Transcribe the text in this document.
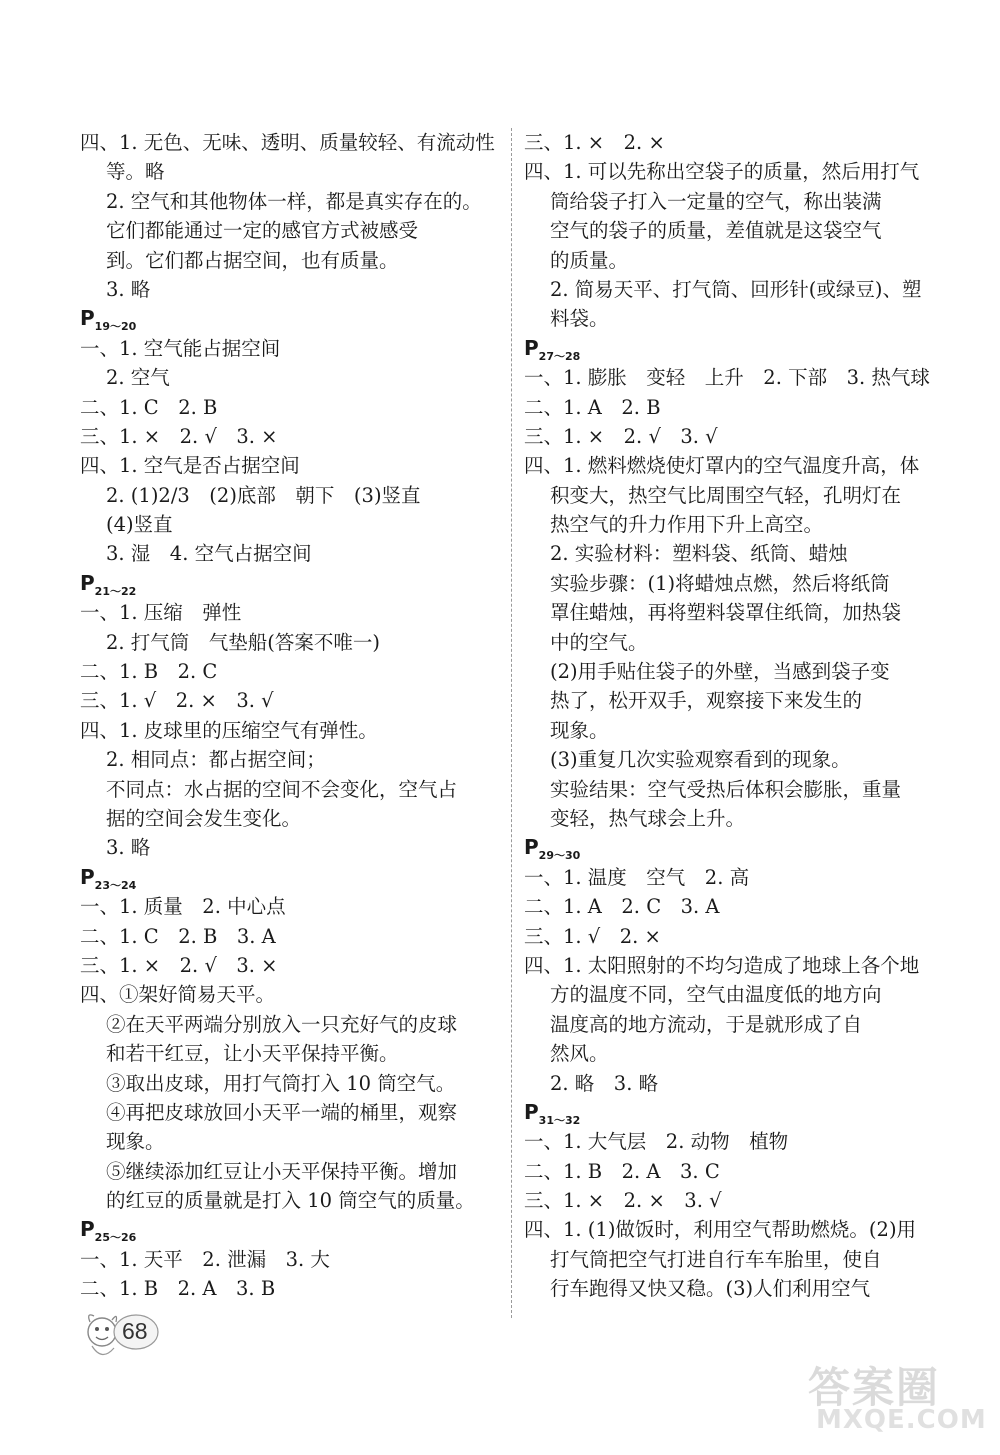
四、1. 无色、无味、透明、质量较轻、有流动性
等。略
2. 空气和其他物体一样，都是真实存在的。
它们都能通过一定的感官方式被感受
到。它们都占据空间，也有质量。
3. 略
$P_{19\sim 20}$
一、1. 空气能占据空间
2. 空气
二、1. C　2. B
三、1. ×　2. √　3. ×
四、1. 空气是否占据空间
2. (1)2/3　(2)底部　朝下　(3)竖直
(4)竖直
3. 湿　4. 空气占据空间
$P_{21\sim 22}$
一、1. 压缩　弹性
2. 打气筒　气垫船(答案不唯一)
二、1. B　2. C
三、1. √　2. ×　3. √
四、1. 皮球里的压缩空气有弹性。
2. 相同点：都占据空间；
不同点：水占据的空间不会变化，空气占
据的空间会发生变化。
3. 略
$P_{23\sim 24}$
一、1. 质量　2. 中心点
二、1. C　2. B　3. A
三、1. ×　2. √　3. ×
四、①架好简易天平。
②在天平两端分别放入一只充好气的皮球
和若干红豆，让小天平保持平衡。
③取出皮球，用打气筒打入 10 筒空气。
④再把皮球放回小天平一端的桶里，观察
现象。
⑤继续添加红豆让小天平保持平衡。增加
的红豆的质量就是打入 10 筒空气的质量。
$P_{25\sim 26}$
一、1. 天平　2. 泄漏　3. 大
二、1. B　2. A　3. B
三、1. ×　2. ×
四、1. 可以先称出空袋子的质量，然后用打气
筒给袋子打入一定量的空气，称出装满
空气的袋子的质量，差值就是这袋空气
的质量。
2. 简易天平、打气筒、回形针(或绿豆)、塑
料袋。
$P_{27\sim 28}$
一、1. 膨胀　变轻　上升　2. 下部　3. 热气球
二、1. A　2. B
三、1. ×　2. √　3. √
四、1. 燃料燃烧使灯罩内的空气温度升高，体
积变大，热空气比周围空气轻，孔明灯在
热空气的升力作用下升上高空。
2. 实验材料：塑料袋、纸筒、蜡烛
实验步骤：(1)将蜡烛点燃，然后将纸筒
罩住蜡烛，再将塑料袋罩住纸筒，加热袋
中的空气。
(2)用手贴住袋子的外壁，当感到袋子变
热了，松开双手，观察接下来发生的
现象。
(3)重复几次实验观察看到的现象。
实验结果：空气受热后体积会膨胀，重量
变轻，热气球会上升。
$P_{29\sim 30}$
一、1. 温度　空气　2. 高
二、1. A　2. C　3. A
三、1. √　2. ×
四、1. 太阳照射的不均匀造成了地球上各个地
方的温度不同，空气由温度低的地方向
温度高的地方流动，于是就形成了自
然风。
2. 略　3. 略
$P_{31\sim 32}$
一、1. 大气层　2. 动物　植物
二、1. B　2. A　3. C
三、1. ×　2. ×　3. √
四、1. (1)做饭时，利用空气帮助燃烧。(2)用
打气筒把空气打进自行车车胎里，使自
行车跑得又快又稳。(3)人们利用空气
68
答案圈
MXQE.COM
